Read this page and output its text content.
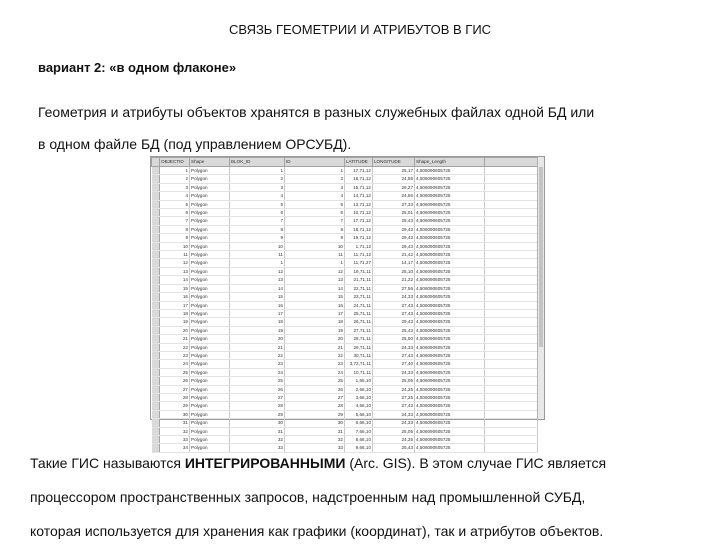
СВЯЗЬ ГЕОМЕТРИИ И АТРИБУТОВ В ГИС
вариант 2: «в одном флаконе»
Геометрия и атрибуты объектов хранятся в разных служебных файлах одной БД или
в одном файле БД (под управлением ОРСУБД).
	OBJECTID	Shape	BLOK_ID	ID	LATITUDE	LONGITUDE	Shape_Length	
	1	Polygon	1	1	17,71,12	25,17	4,506090605725	
	2	Polygon	2	2	16,71,12	24,56	4,506090605725	
	3	Polygon	3	3	15,71,12	29,27	4,506090605725	
	4	Polygon	4	4	14,71,12	24,56	4,506090605725	
	5	Polygon	5	5	13,71,12	27,33	4,506090605725	
	6	Polygon	6	6	10,71,12	25,01	4,506090605725	
	7	Polygon	7	7	17,71,12	29,43	4,506090605725	
	8	Polygon	8	8	18,71,12	29,43	4,506090605725	
	9	Polygon	9	9	19,71,12	29,43	4,506090605725	
	10	Polygon	10	10	1,71,12	29,43	4,506090605725	
	11	Polygon	11	11	11,71,12	21,42	4,506090605725	
	12	Polygon	1	1	11,71,27	14,17	4,506090605725	
	13	Polygon	12	12	19,71,11	25,10	4,506090605725	
	14	Polygon	13	13	21,71,11	21,22	4,506090605725	
	15	Polygon	14	14	22,71,11	27,56	4,506090605725	
	16	Polygon	15	15	23,71,11	24,33	4,506090605725	
	17	Polygon	16	16	24,71,11	27,43	4,506090605725	
	18	Polygon	17	17	25,71,11	27,43	4,506090605725	
	19	Polygon	18	18	26,71,11	29,43	4,506090605725	
	20	Polygon	19	19	27,71,11	25,43	4,506090605725	
	21	Polygon	20	20	28,71,11	25,50	4,506090605725	
	22	Polygon	21	21	29,71,11	24,33	4,506090605725	
	23	Polygon	22	22	30,71,11	27,43	4,506090605725	
	24	Polygon	23	23	3,72,71,11	27,40	4,506090605725	
	25	Polygon	24	24	10,71,11	24,33	4,506090605725	
	26	Polygon	25	25	1,66,10	25,05	4,506090605725	
	27	Polygon	26	26	2,66,10	24,25	4,506090605725	
	28	Polygon	27	27	3,66,10	27,25	4,506090605725	
	29	Polygon	28	28	4,66,10	27,43	4,506090605725	
	30	Polygon	29	29	5,66,10	24,33	4,506090605725	
	31	Polygon	30	30	6,66,10	24,33	4,506090605725	
	32	Polygon	31	31	7,66,10	25,05	4,506090605725	
	33	Polygon	32	32	8,66,10	24,25	4,506090605725	
	34	Polygon	33	33	9,66,10	25,43	4,506090605725	
Такие ГИС называются ИНТЕГРИРОВАННЫМИ (Arc. GIS). В этом случае ГИС является
процессором пространственных запросов, надстроенным над промышленной СУБД,
которая используется для хранения как графики (координат), так и атрибутов объектов.
